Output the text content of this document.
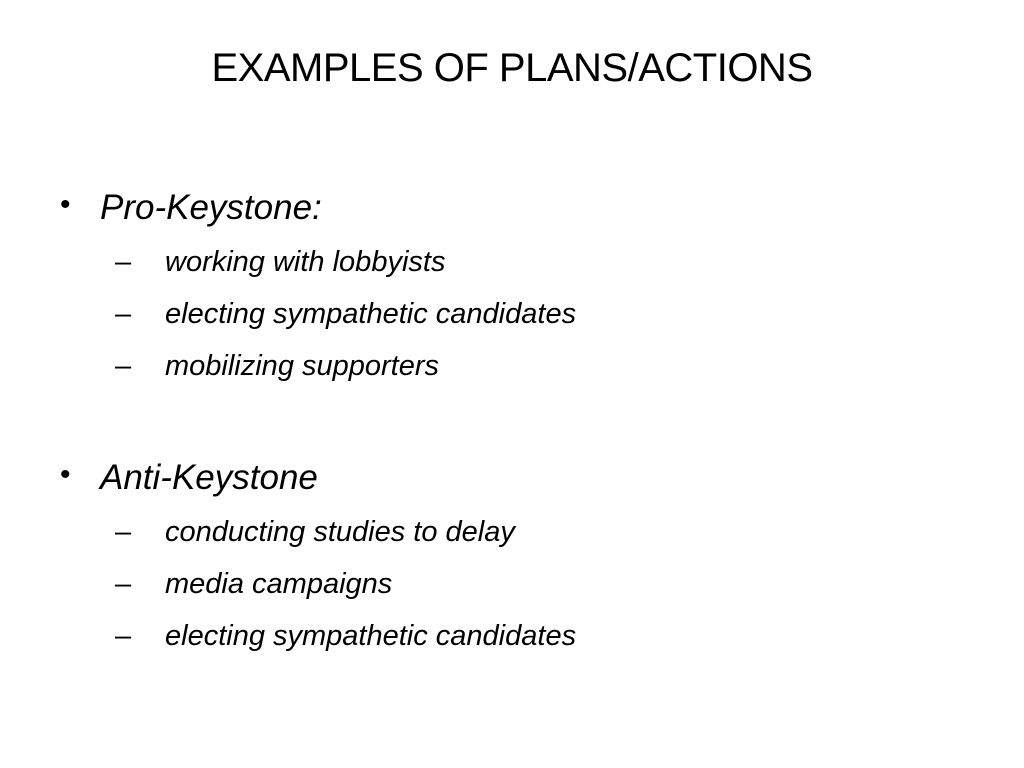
EXAMPLES OF PLANS/ACTIONS
• Pro-Keystone:
– working with lobbyists
– electing sympathetic candidates
– mobilizing supporters
• Anti-Keystone
– conducting studies to delay
– media campaigns
– electing sympathetic candidates
